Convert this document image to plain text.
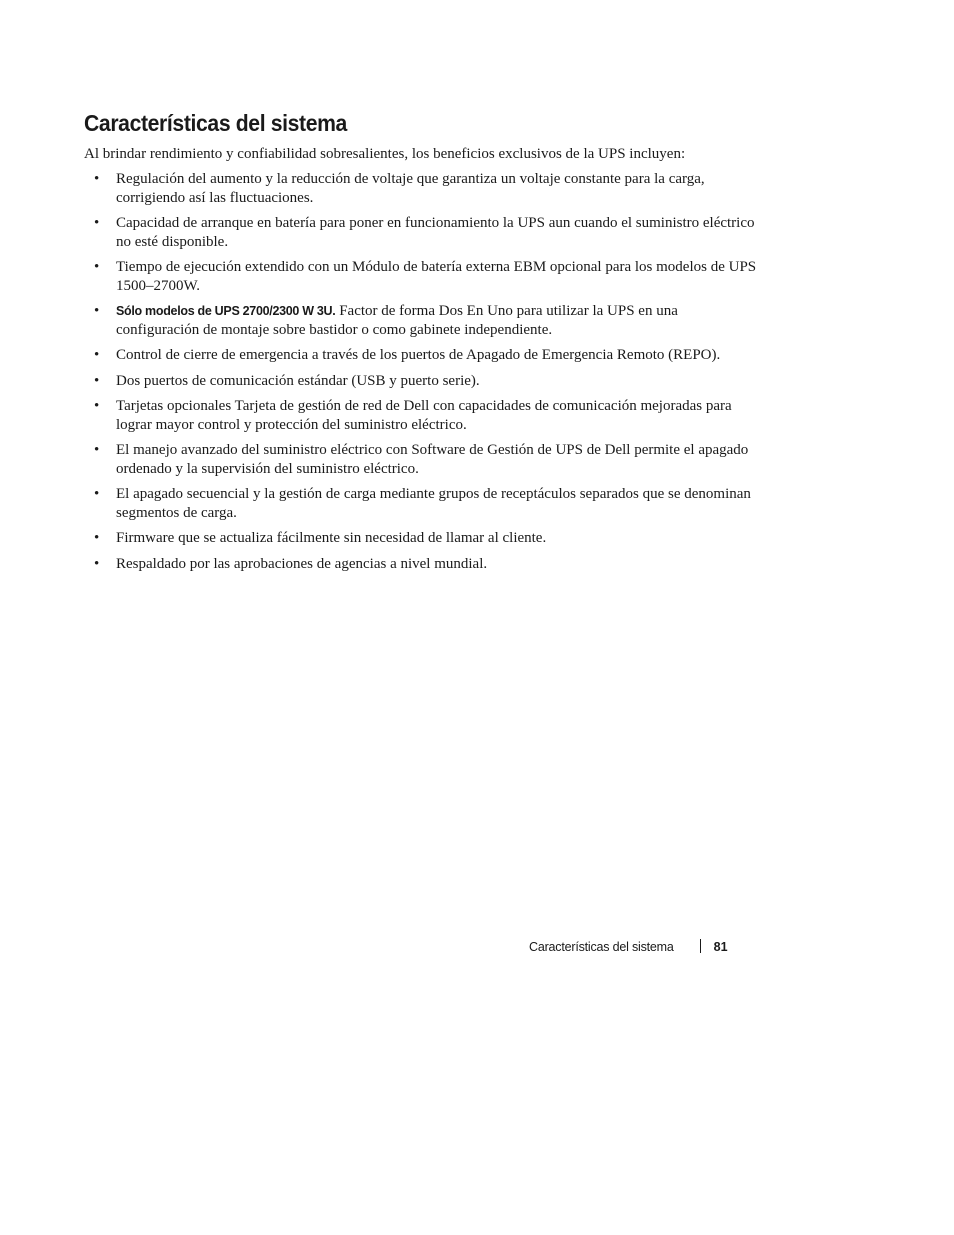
Características del sistema

Al brindar rendimiento y confiabilidad sobresalientes, los beneficios exclusivos de la UPS incluyen:

• Regulación del aumento y la reducción de voltaje que garantiza un voltaje constante para la carga, corrigiendo así las fluctuaciones.
• Capacidad de arranque en batería para poner en funcionamiento la UPS aun cuando el suministro eléctrico no esté disponible.
• Tiempo de ejecución extendido con un Módulo de batería externa EBM opcional para los modelos de UPS 1500–2700W.
• Sólo modelos de UPS 2700/2300 W 3U. Factor de forma Dos En Uno para utilizar la UPS en una configuración de montaje sobre bastidor o como gabinete independiente.
• Control de cierre de emergencia a través de los puertos de Apagado de Emergencia Remoto (REPO).
• Dos puertos de comunicación estándar (USB y puerto serie).
• Tarjetas opcionales Tarjeta de gestión de red de Dell con capacidades de comunicación mejoradas para lograr mayor control y protección del suministro eléctrico.
• El manejo avanzado del suministro eléctrico con Software de Gestión de UPS de Dell permite el apagado ordenado y la supervisión del suministro eléctrico.
• El apagado secuencial y la gestión de carga mediante grupos de receptáculos separados que se denominan segmentos de carga.
• Firmware que se actualiza fácilmente sin necesidad de llamar al cliente.
• Respaldado por las aprobaciones de agencias a nivel mundial.
Características del sistema	81
